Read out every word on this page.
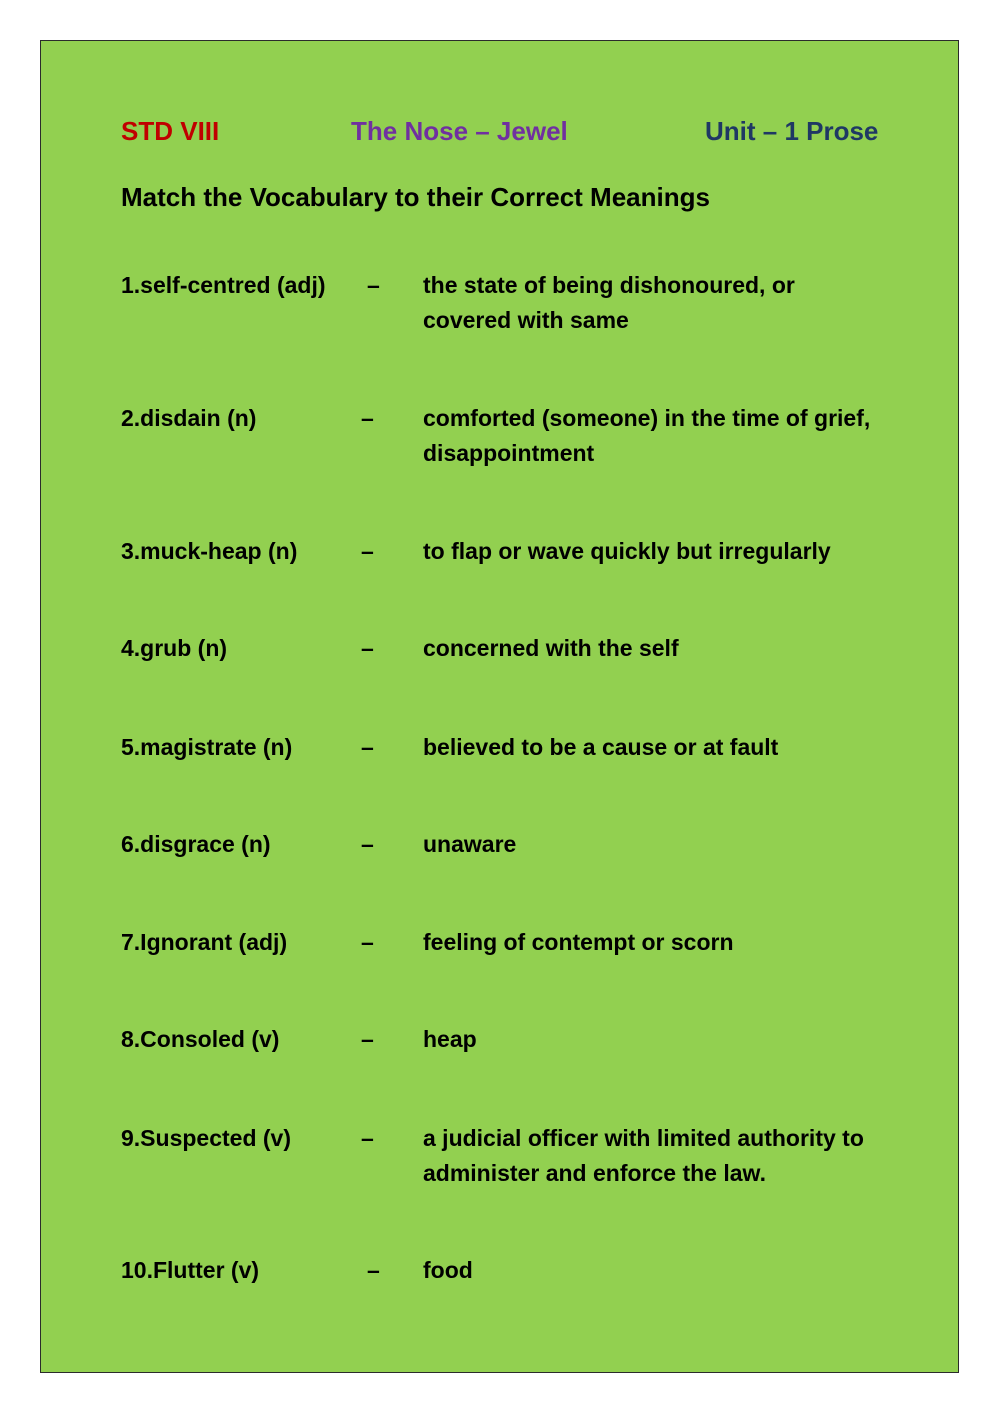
STD VIII	The Nose – Jewel	Unit – 1 Prose
Match the Vocabulary to their Correct Meanings
1.self-centred (adj) – the state of being dishonoured, or covered with same
2.disdain (n)	– comforted (someone) in the time of grief, disappointment
3.muck-heap (n)	– to flap or wave quickly but irregularly
4.grub (n)	– concerned with the self
5.magistrate (n)	– believed to be a cause or at fault
6.disgrace (n)	– unaware
7.Ignorant (adj)	– feeling of contempt or scorn
8.Consoled (v)	– heap
9.Suspected (v)	– a judicial officer with limited authority to administer and enforce the law.
10.Flutter (v)	– food
